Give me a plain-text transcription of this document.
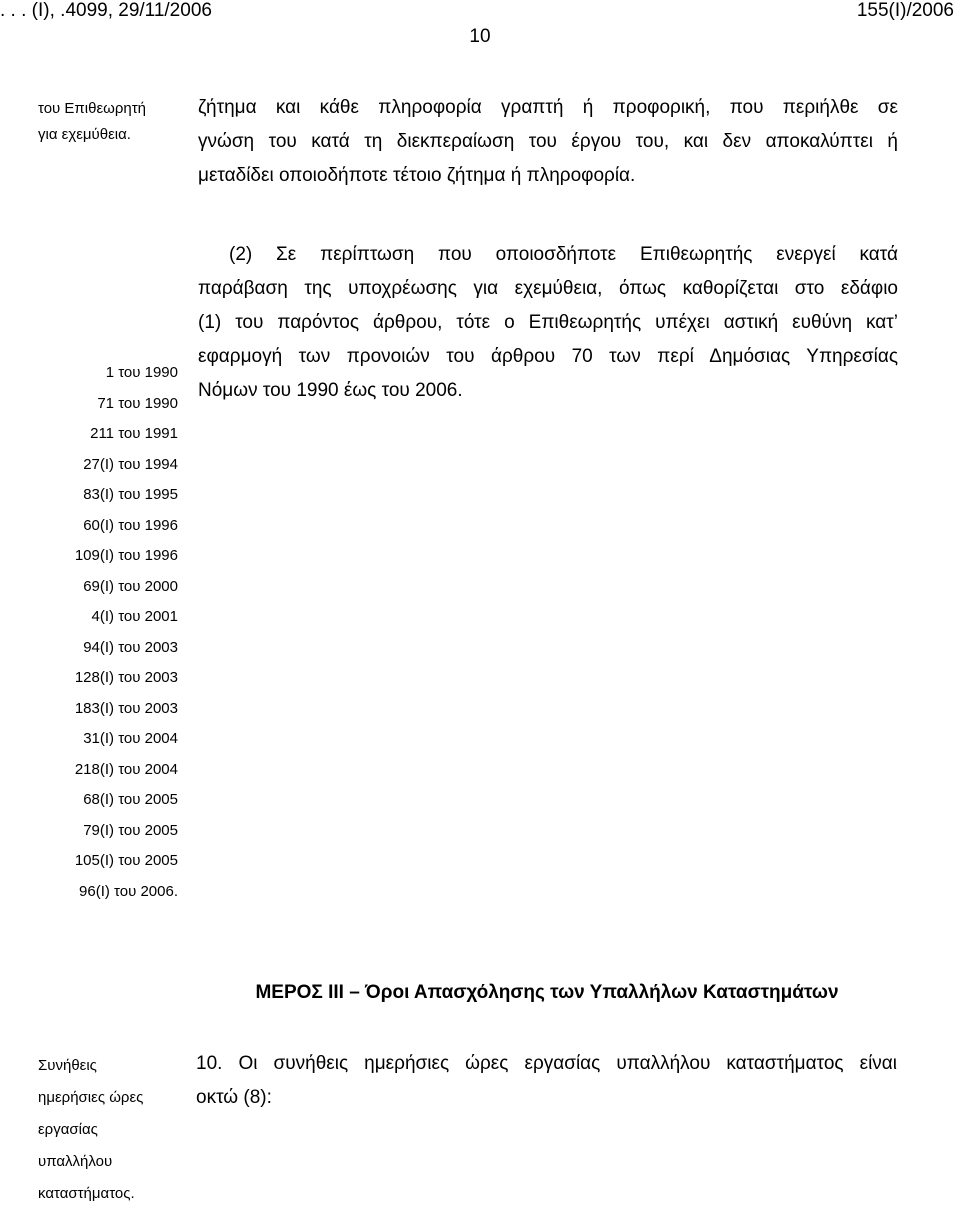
. . . (Ι), .4099, 29/11/2006	155(Ι)/2006
10
του Επιθεωρητή
για εχεμύθεια.
ζήτημα και κάθε πληροφορία γραπτή ή προφορική, που περιήλθε σε
γνώση του κατά τη διεκπεραίωση του έργου του, και δεν αποκαλύπτει ή
μεταδίδει οποιοδήποτε τέτοιο ζήτημα ή πληροφορία.
(2) Σε περίπτωση που οποιοσδήποτε Επιθεωρητής ενεργεί κατά
παράβαση της υποχρέωσης για εχεμύθεια, όπως καθορίζεται στο εδάφιο
(1) του παρόντος άρθρου, τότε ο Επιθεωρητής υπέχει αστική ευθύνη κατ’
εφαρμογή των προνοιών του άρθρου 70 των περί Δημόσιας Υπηρεσίας
Νόμων του 1990 έως του 2006.
1 του 1990
71 του 1990
211 του 1991
27(Ι) του 1994
83(Ι) του 1995
60(Ι) του 1996
109(Ι) του 1996
69(Ι) του 2000
4(Ι) του 2001
94(Ι) του 2003
128(Ι) του 2003
183(Ι) του 2003
31(Ι) του 2004
218(Ι) του 2004
68(Ι) του 2005
79(Ι) του 2005
105(Ι) του 2005
96(Ι) του 2006.
ΜΕΡΟΣ ΙΙΙ – Όροι Απασχόλησης των Υπαλλήλων Καταστημάτων
Συνήθεις
ημερήσιες ώρες
εργασίας
υπαλλήλου
καταστήματος.
10. Οι συνήθεις ημερήσιες ώρες εργασίας υπαλλήλου καταστήματος είναι
οκτώ (8):
